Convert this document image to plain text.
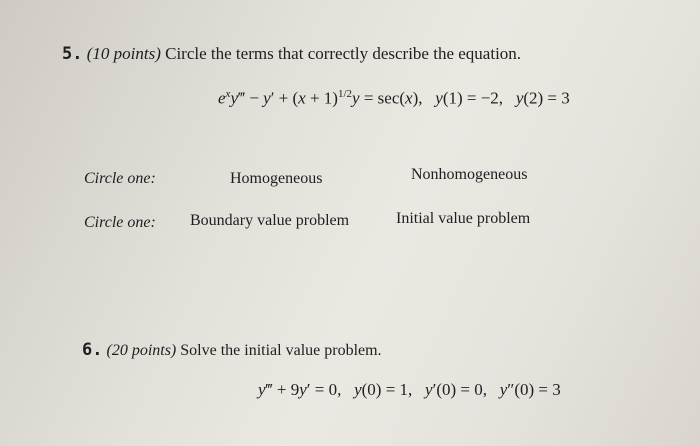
5. (10 points) Circle the terms that correctly describe the equation.
$e^xy‴ - y' + (x + 1)^{1/2}y = \sec(x)$,   y(1) = −2,   y(2) = 3
Circle one:	Homogeneous	Nonhomogeneous
Circle one: Boundary value problem	Initial value problem
6. (20 points) Solve the initial value problem.
y‴ + 9y′ = 0,   y(0) = 1,   y′(0) = 0,   y″(0) = 3
